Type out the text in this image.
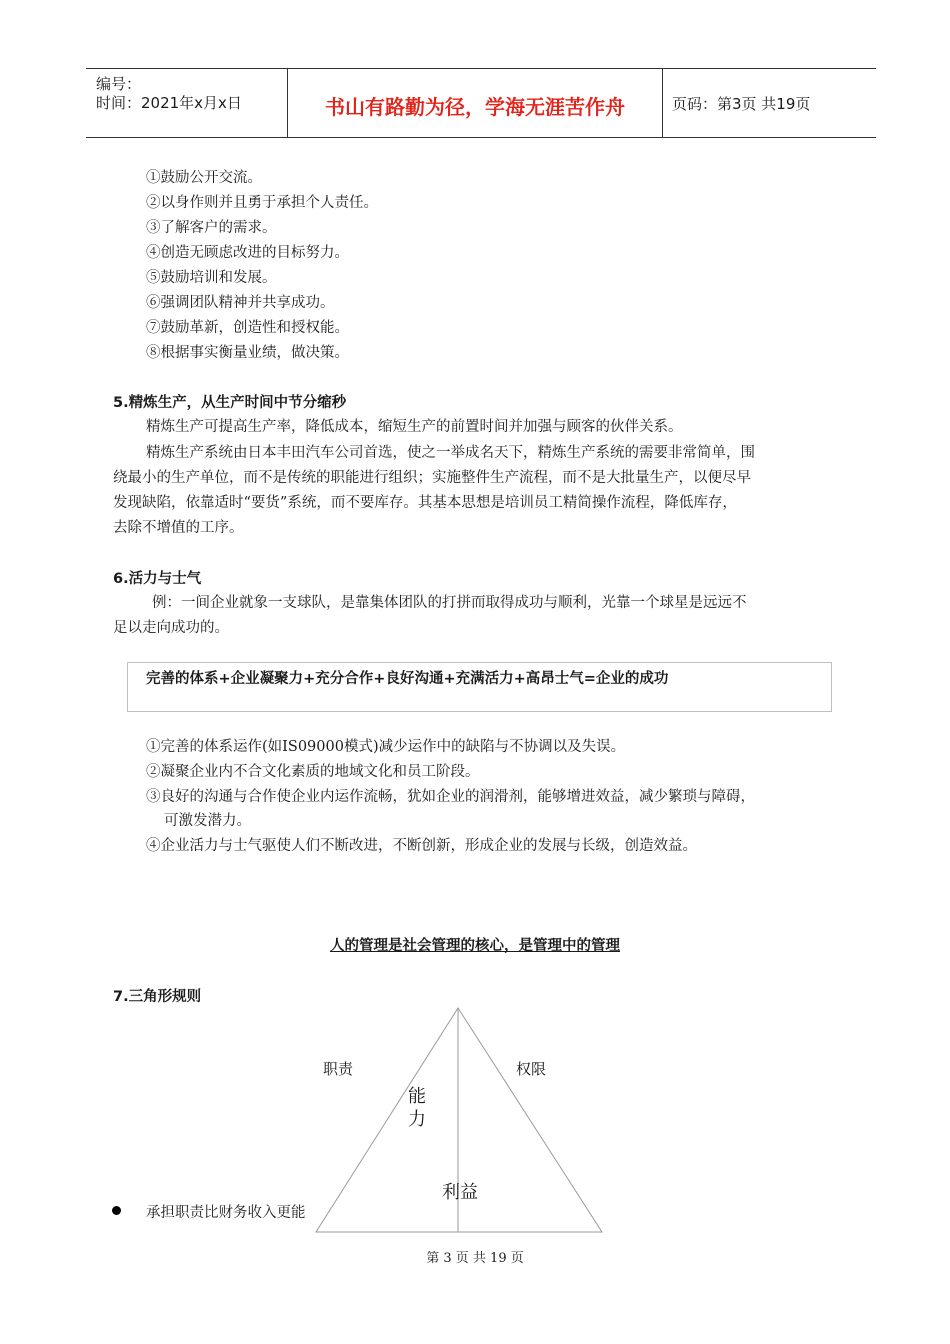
编号：
时间：2021年x月x日	书山有路勤为径，学海无涯苦作舟	页码：第3页 共19页
①鼓励公开交流。
②以身作则并且勇于承担个人责任。
③了解客户的需求。
④创造无顾虑改进的目标努力。
⑤鼓励培训和发展。
⑥强调团队精神并共享成功。
⑦鼓励革新，创造性和授权能。
⑧根据事实衡量业绩，做决策。
5.精炼生产，从生产时间中节分缩秒
精炼生产可提高生产率，降低成本，缩短生产的前置时间并加强与顾客的伙伴关系。
精炼生产系统由日本丰田汽车公司首选，使之一举成名天下，精炼生产系统的需要非常简单，围
绕最小的生产单位，而不是传统的职能进行组织；实施整件生产流程，而不是大批量生产，以便尽早
发现缺陷，依靠适时“要货”系统，而不要库存。其基本思想是培训员工精简操作流程，降低库存，
去除不增值的工序。
6.活力与士气
例：一间企业就象一支球队，是靠集体团队的打拼而取得成功与顺利，光靠一个球星是远远不
足以走向成功的。
完善的体系+企业凝聚力+充分合作+良好沟通+充满活力+高昂士气=企业的成功
①完善的体系运作(如IS09000模式)减少运作中的缺陷与不协调以及失误。
②凝聚企业内不合文化素质的地域文化和员工阶段。
③良好的沟通与合作使企业内运作流畅，犹如企业的润滑剂，能够增进效益，减少繁琐与障碍，
可激发潜力。
④企业活力与士气驱使人们不断改进，不断创新，形成企业的发展与长级，创造效益。
人的管理是社会管理的核心，是管理中的管理
7.三角形规则
职责	权限
能
力
利益
承担职责比财务收入更能
第 3 页 共 19 页
